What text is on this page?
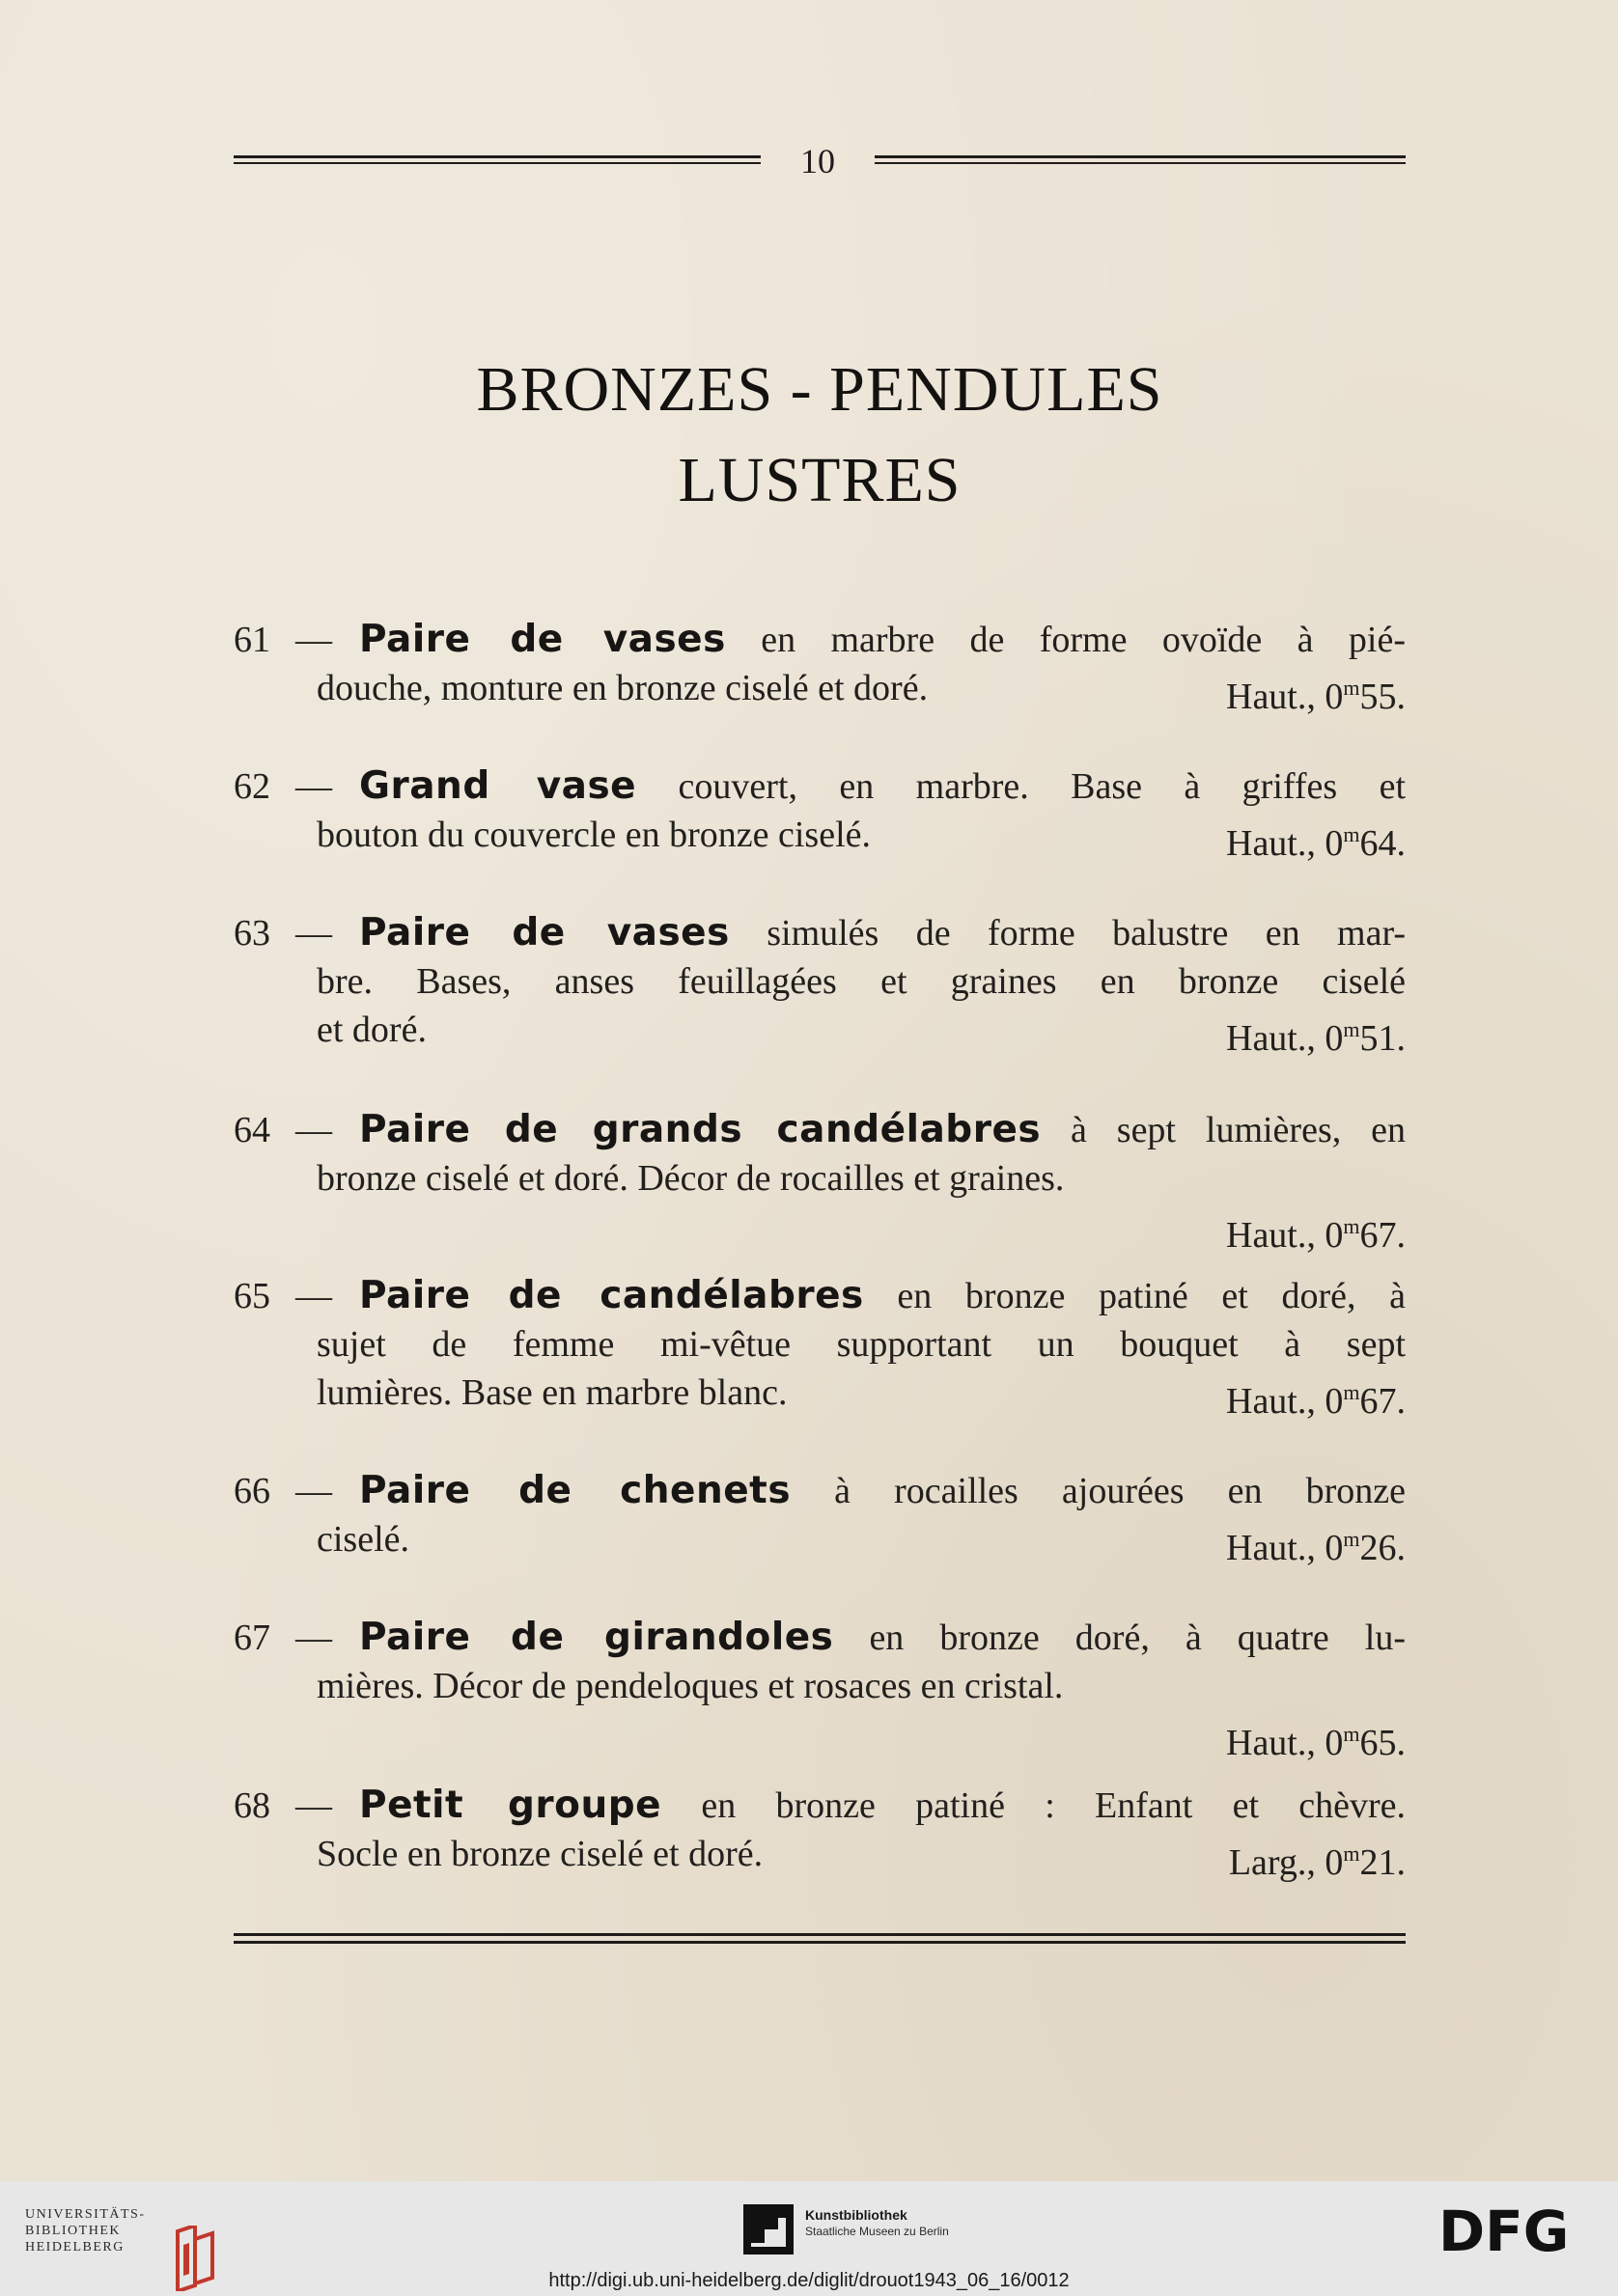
10
BRONZES - PENDULES
LUSTRES
61 — Paire de vases en marbre de forme ovoïde à pié-
douche, monture en bronze ciselé et doré.	Haut., 0$^m$55.
62 — Grand vase couvert, en marbre. Base à griffes et
bouton du couvercle en bronze ciselé.	Haut., 0$^m$64.
63 — Paire de vases simulés de forme balustre en mar-
bre. Bases, anses feuillagées et graines en bronze ciselé
et doré.	Haut., 0$^m$51.
64 — Paire de grands candélabres à sept lumières, en
bronze ciselé et doré. Décor de rocailles et graines.
Haut., 0$^m$67.
65 — Paire de candélabres en bronze patiné et doré, à
sujet de femme mi-vêtue supportant un bouquet à sept
lumières. Base en marbre blanc.	Haut., 0$^m$67.
66 — Paire de chenets à rocailles ajourées en bronze
ciselé.	Haut., 0$^m$26.
67 — Paire de girandoles en bronze doré, à quatre lu-
mières. Décor de pendeloques et rosaces en cristal.
Haut., 0$^m$65.
68 — Petit groupe en bronze patiné : Enfant et chèvre.
Socle en bronze ciselé et doré.	Larg., 0$^m$21.
UNIVERSITÄTS-
BIBLIOTHEK
HEIDELBERG
Kunstbibliothek
Staatliche Museen zu Berlin	DFG
http://digi.ub.uni-heidelberg.de/diglit/drouot1943_06_16/0012
